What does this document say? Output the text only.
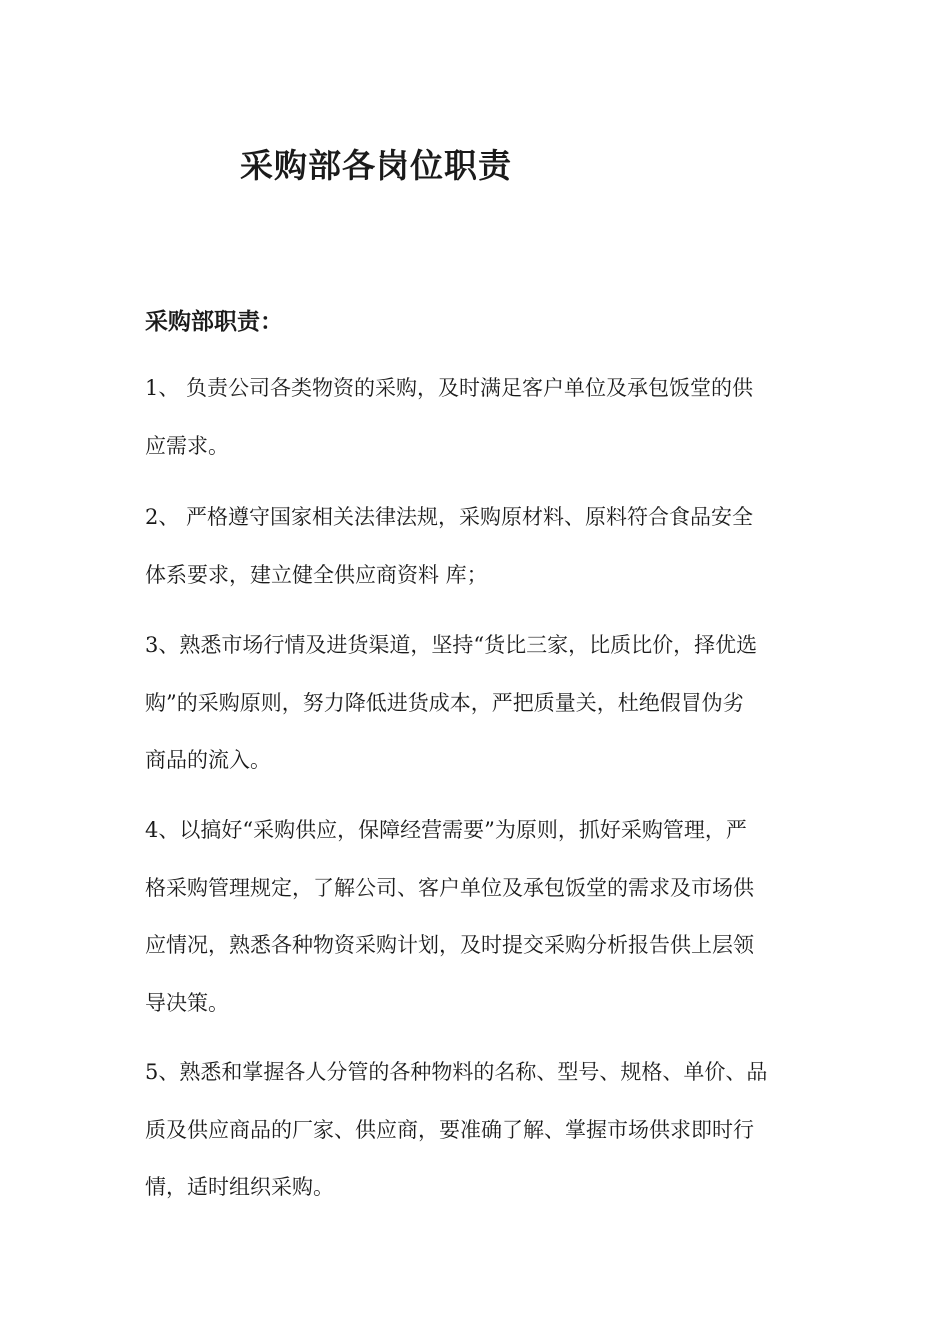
采购部各岗位职责
采购部职责：

1、 负责公司各类物资的采购，及时满足客户单位及承包饭堂的供
应需求。

2、 严格遵守国家相关法律法规，采购原材料、原料符合食品安全
体系要求，建立健全供应商资料 库；

3、熟悉市场行情及进货渠道，坚持“货比三家，比质比价，择优选
购”的采购原则，努力降低进货成本，严把质量关，杜绝假冒伪劣
商品的流入。

4、以搞好“采购供应，保障经营需要”为原则，抓好采购管理，严
格采购管理规定，了解公司、客户单位及承包饭堂的需求及市场供
应情况，熟悉各种物资采购计划，及时提交采购分析报告供上层领
导决策。

5、熟悉和掌握各人分管的各种物料的名称、型号、规格、单价、品
质及供应商品的厂家、供应商，要准确了解、掌握市场供求即时行
情，适时组织采购。
